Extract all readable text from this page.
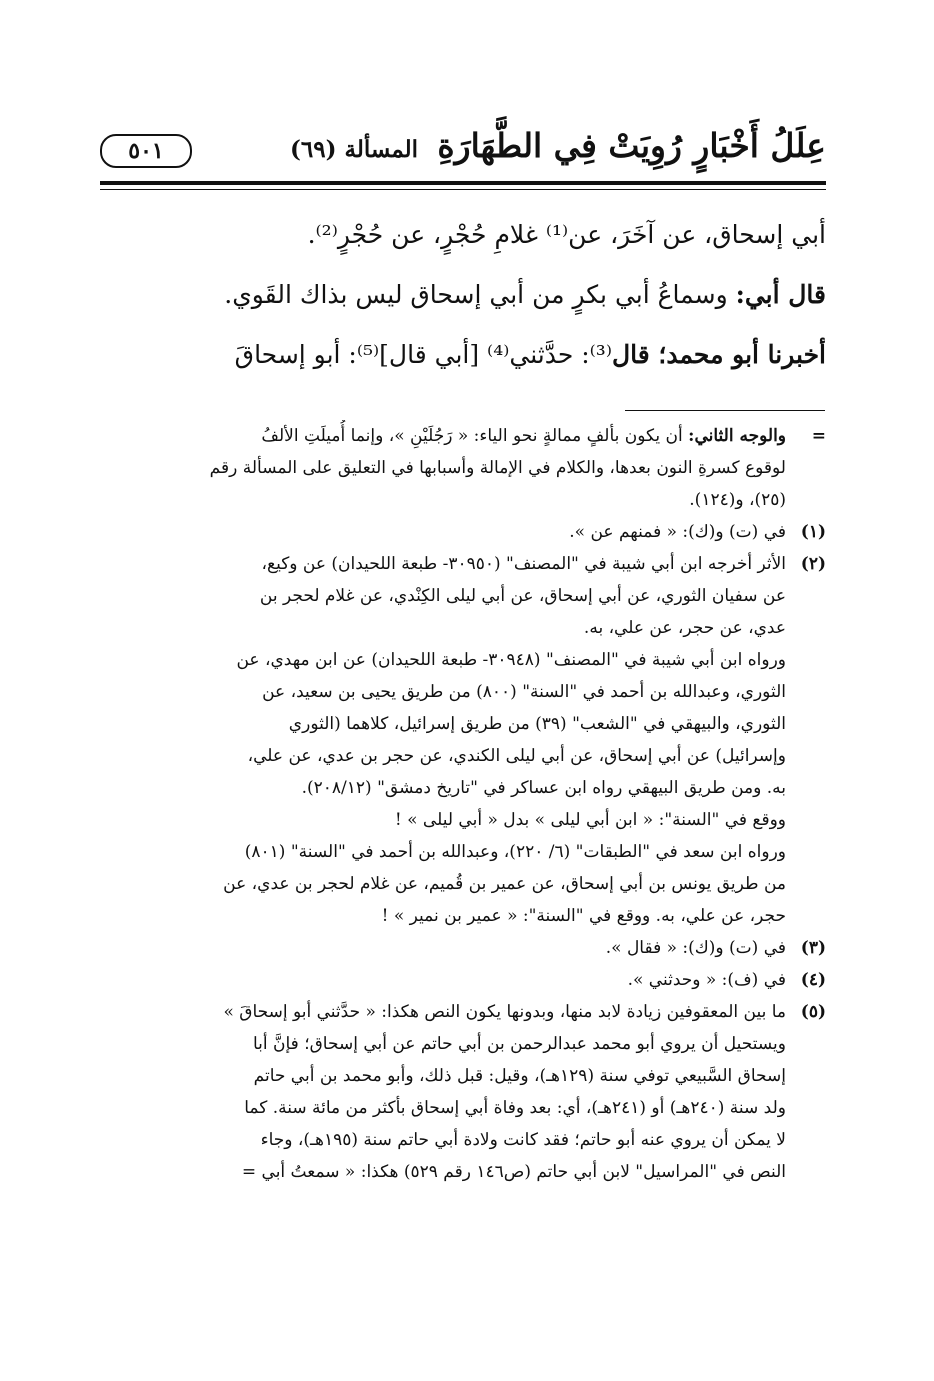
عِلَلُ أَخْبَارٍ رُوِيَتْ فِي الطَّهَارَةِ
المسألة (٦٩)
٥٠١
أبي إسحاق، عن آخَرَ، عن⁽¹⁾ غلامِ حُجْرٍ، عن حُجْرٍ⁽²⁾.
قال أبي: وسماعُ أبي بكرٍ من أبي إسحاق ليس بذاك القَوي.
أخبرنا أبو محمد؛ قال⁽³⁾: حدَّثني⁽⁴⁾ [أبي قال]⁽⁵⁾: أبو إسحاقَ
=
والوجه الثاني: أن يكون بألفٍ ممالةٍ نحو الياء: « رَجُلَيْنِ »، وإنما أُميلَتِ الألفُ
لوقوع كسرةِ النون بعدها، والكلام في الإمالة وأسبابها في التعليق على المسألة رقم
(٢٥)، و(١٢٤).
(١)
في (ت) و(ك): « فمنهم عن ».
(٢)
الأثر أخرجه ابن أبي شيبة في "المصنف" (٣٠٩٥٠- طبعة اللحيدان) عن وكيع،
عن سفيان الثوري، عن أبي إسحاق، عن أبي ليلى الكِنْدي، عن غلام لحجر بن
عدي، عن حجر، عن علي، به.
ورواه ابن أبي شيبة في "المصنف" (٣٠٩٤٨- طبعة اللحيدان) عن ابن مهدي، عن
الثوري، وعبدالله بن أحمد في "السنة" (٨٠٠) من طريق يحيى بن سعيد، عن
الثوري، والبيهقي في "الشعب" (٣٩) من طريق إسرائيل، كلاهما (الثوري
وإسرائيل) عن أبي إسحاق، عن أبي ليلى الكندي، عن حجر بن عدي، عن علي،
به. ومن طريق البيهقي رواه ابن عساكر في "تاريخ دمشق" (٢٠٨/١٢).
ووقع في "السنة": « ابن أبي ليلى » بدل « أبي ليلى » !
ورواه ابن سعد في "الطبقات" (٦/ ٢٢٠)، وعبدالله بن أحمد في "السنة" (٨٠١)
من طريق يونس بن أبي إسحاق، عن عمير بن قُميم، عن غلام لحجر بن عدي، عن
حجر، عن علي، به. ووقع في "السنة": « عمير بن نمير » !
(٣)
في (ت) و(ك): « فقال ».
(٤)
في (ف): « وحدثني ».
(٥)
ما بين المعقوفين زيادة لابد منها، وبدونها يكون النص هكذا: « حدَّثني أبو إسحاقَ »
ويستحيل أن يروي أبو محمد عبدالرحمن بن أبي حاتم عن أبي إسحاق؛ فإنَّ أبا
إسحاق السَّبيعي توفي سنة (١٢٩هـ)، وقيل: قبل ذلك، وأبو محمد بن أبي حاتم
ولد سنة (٢٤٠هـ) أو (٢٤١هـ)، أي: بعد وفاة أبي إسحاق بأكثر من مائة سنة. كما
لا يمكن أن يروي عنه أبو حاتم؛ فقد كانت ولادة أبي حاتم سنة (١٩٥هـ)، وجاء
النص في "المراسيل" لابن أبي حاتم (ص١٤٦ رقم ٥٢٩) هكذا: « سمعتُ أبي =
